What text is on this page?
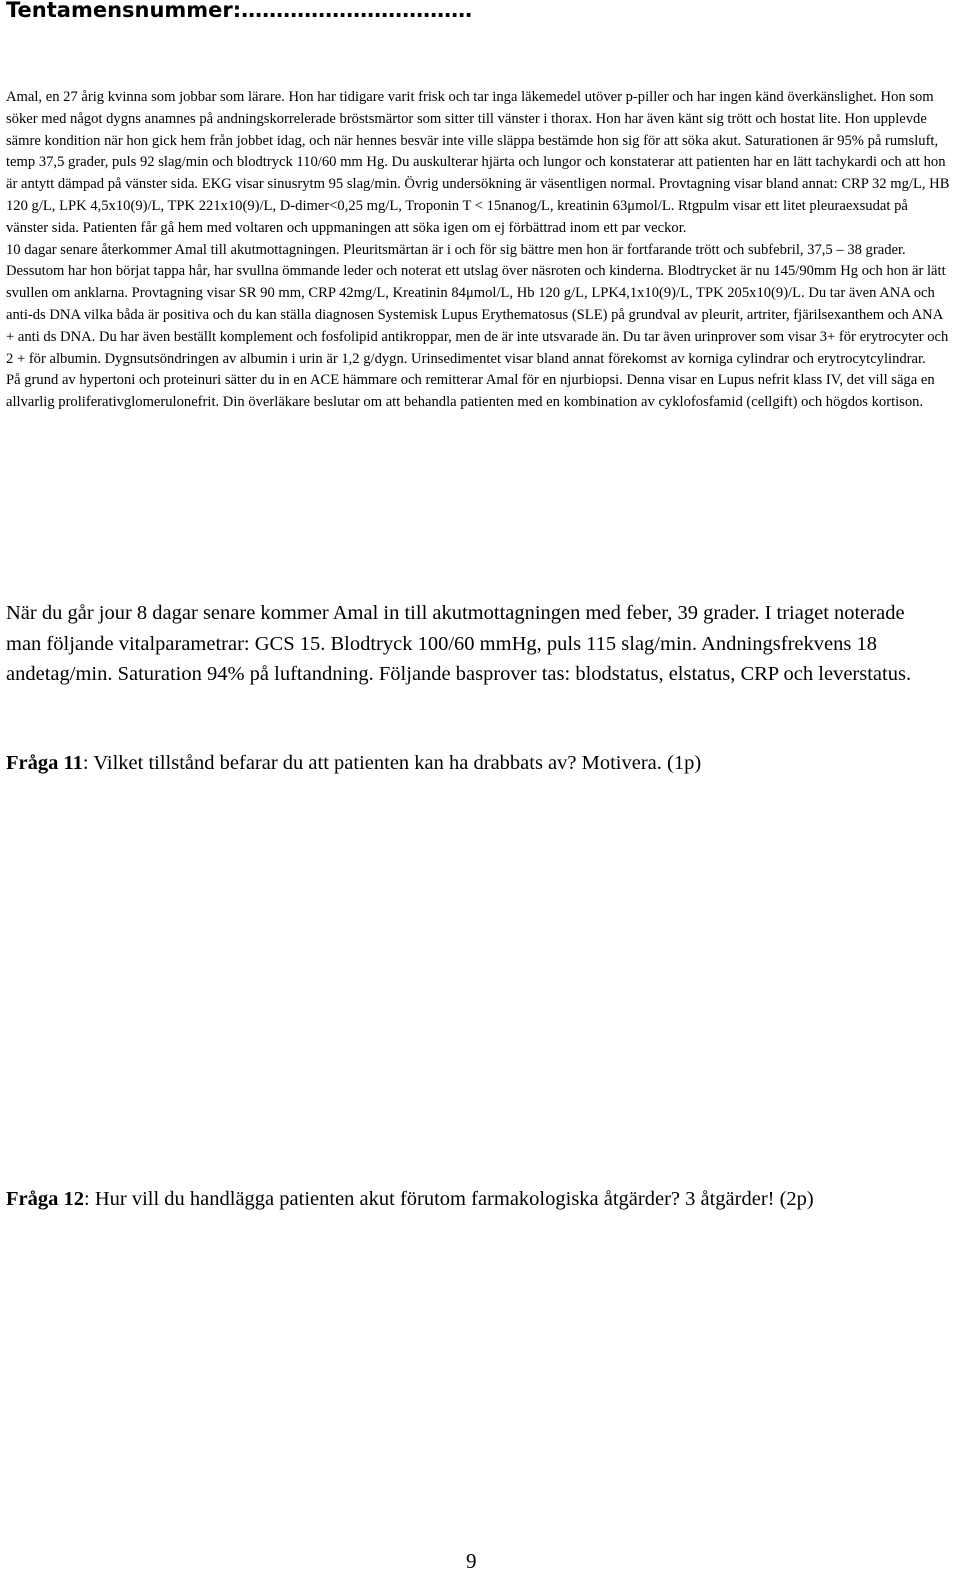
Tentamensnummer:……………………………

Amal, en 27 årig kvinna som jobbar som lärare. Hon har tidigare varit frisk och tar inga läkemedel utöver p-piller och har ingen känd överkänslighet. Hon som söker med något dygns anamnes på andningskorrelerade bröstsmärtor som sitter till vänster i thorax. Hon har även känt sig trött och hostat lite. Hon upplevde sämre kondition när hon gick hem från jobbet idag, och när hennes besvär inte ville släppa bestämde hon sig för att söka akut. Saturationen är 95% på rumsluft, temp 37,5 grader, puls 92 slag/min och blodtryck 110/60 mm Hg. Du auskulterar hjärta och lungor och konstaterar att patienten har en lätt tachykardi och att hon är antytt dämpad på vänster sida. EKG visar sinusrytm 95 slag/min. Övrig undersökning är väsentligen normal. Provtagning visar bland annat: CRP 32 mg/L, HB 120 g/L, LPK 4,5x10(9)/L, TPK 221x10(9)/L, D-dimer<0,25 mg/L, Troponin T < 15nanog/L, kreatinin 63μmol/L. Rtgpulm visar ett litet pleuraexsudat på vänster sida. Patienten får gå hem med voltaren och uppmaningen att söka igen om ej förbättrad inom ett par veckor.

10 dagar senare återkommer Amal till akutmottagningen. Pleuritsmärtan är i och för sig bättre men hon är fortfarande trött och subfebril, 37,5 – 38 grader. Dessutom har hon börjat tappa hår, har svullna ömmande leder och noterat ett utslag över näsroten och kinderna. Blodtrycket är nu 145/90mm Hg och hon är lätt svullen om anklarna. Provtagning visar SR 90 mm, CRP 42mg/L, Kreatinin 84μmol/L, Hb 120 g/L, LPK4,1x10(9)/L, TPK 205x10(9)/L. Du tar även ANA och anti-ds DNA vilka båda är positiva och du kan ställa diagnosen Systemisk Lupus Erythematosus (SLE) på grundval av pleurit, artriter, fjärilsexanthem och ANA + anti ds DNA. Du har även beställt komplement och fosfolipid antikroppar, men de är inte utsvarade än. Du tar även urinprover som visar 3+ för erytrocyter och 2 + för albumin. Dygnsutsöndringen av albumin i urin är 1,2 g/dygn. Urinsedimentet visar bland annat förekomst av korniga cylindrar och erytrocytcylindrar.

På grund av hypertoni och proteinuri sätter du in en ACE hämmare och remitterar Amal för en njurbiopsi. Denna visar en Lupus nefrit klass IV, det vill säga en allvarlig proliferativglomerulonefrit. Din överläkare beslutar om att behandla patienten med en kombination av cyklofosfamid (cellgift) och högdos kortison.

När du går jour 8 dagar senare kommer Amal in till akutmottagningen med feber, 39 grader. I triaget noterade man följande vitalparametrar: GCS 15. Blodtryck 100/60 mmHg, puls 115 slag/min. Andningsfrekvens 18 andetag/min. Saturation 94% på luftandning. Följande basprover tas: blodstatus, elstatus, CRP och leverstatus.
Fråga 11: Vilket tillstånd befarar du att patienten kan ha drabbats av? Motivera. (1p)
Fråga 12: Hur vill du handlägga patienten akut förutom farmakologiska åtgärder? 3 åtgärder! (2p)
9
